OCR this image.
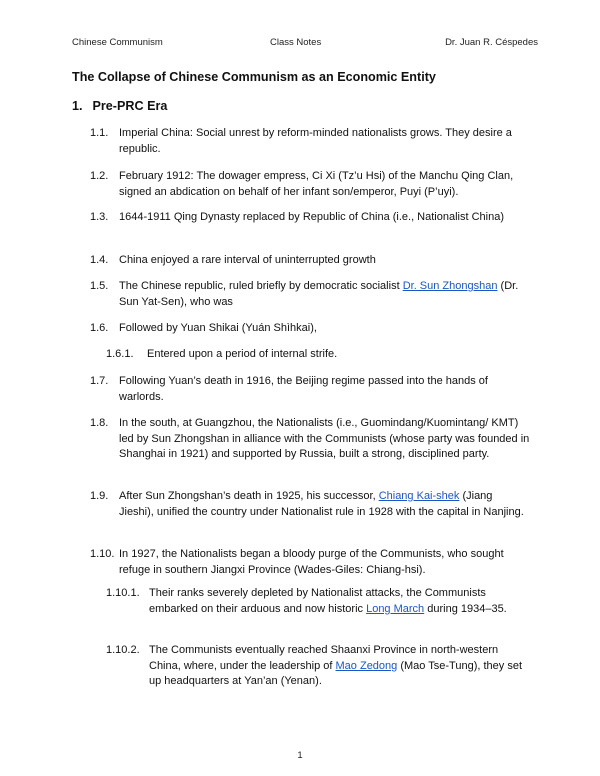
Chinese Communism	Class Notes	Dr. Juan R. Céspedes
The Collapse of Chinese Communism as an Economic Entity
1. Pre-PRC Era
1.1. Imperial China: Social unrest by reform-minded nationalists grows. They desire a republic.
1.2. February 1912: The dowager empress, Ci Xi (Tz’u Hsi) of the Manchu Qing Clan, signed an abdication on behalf of her infant son/emperor, Puyi (P’uyi).
1.3. 1644-1911 Qing Dynasty replaced by Republic of China (i.e., Nationalist China)
1.4. China enjoyed a rare interval of uninterrupted growth
1.5. The Chinese republic, ruled briefly by democratic socialist Dr. Sun Zhongshan (Dr. Sun Yat-Sen), who was
1.6. Followed by Yuan Shikai (Yuán Shìhkai),
1.6.1. Entered upon a period of internal strife.
1.7. Following Yuan’s death in 1916, the Beijing regime passed into the hands of warlords.
1.8. In the south, at Guangzhou, the Nationalists (i.e., Guomindang/Kuomintang/ KMT) led by Sun Zhongshan in alliance with the Communists (whose party was founded in Shanghai in 1921) and supported by Russia, built a strong, disciplined party.
1.9. After Sun Zhongshan’s death in 1925, his successor, Chiang Kai-shek (Jiang Jieshi), unified the country under Nationalist rule in 1928 with the capital in Nanjing.
1.10. In 1927, the Nationalists began a bloody purge of the Communists, who sought refuge in southern Jiangxi Province (Wades-Giles: Chiang-hsi).
1.10.1. Their ranks severely depleted by Nationalist attacks, the Communists embarked on their arduous and now historic Long March during 1934–35.
1.10.2. The Communists eventually reached Shaanxi Province in north-western China, where, under the leadership of Mao Zedong (Mao Tse-Tung), they set up headquarters at Yan’an (Yenan).
1
